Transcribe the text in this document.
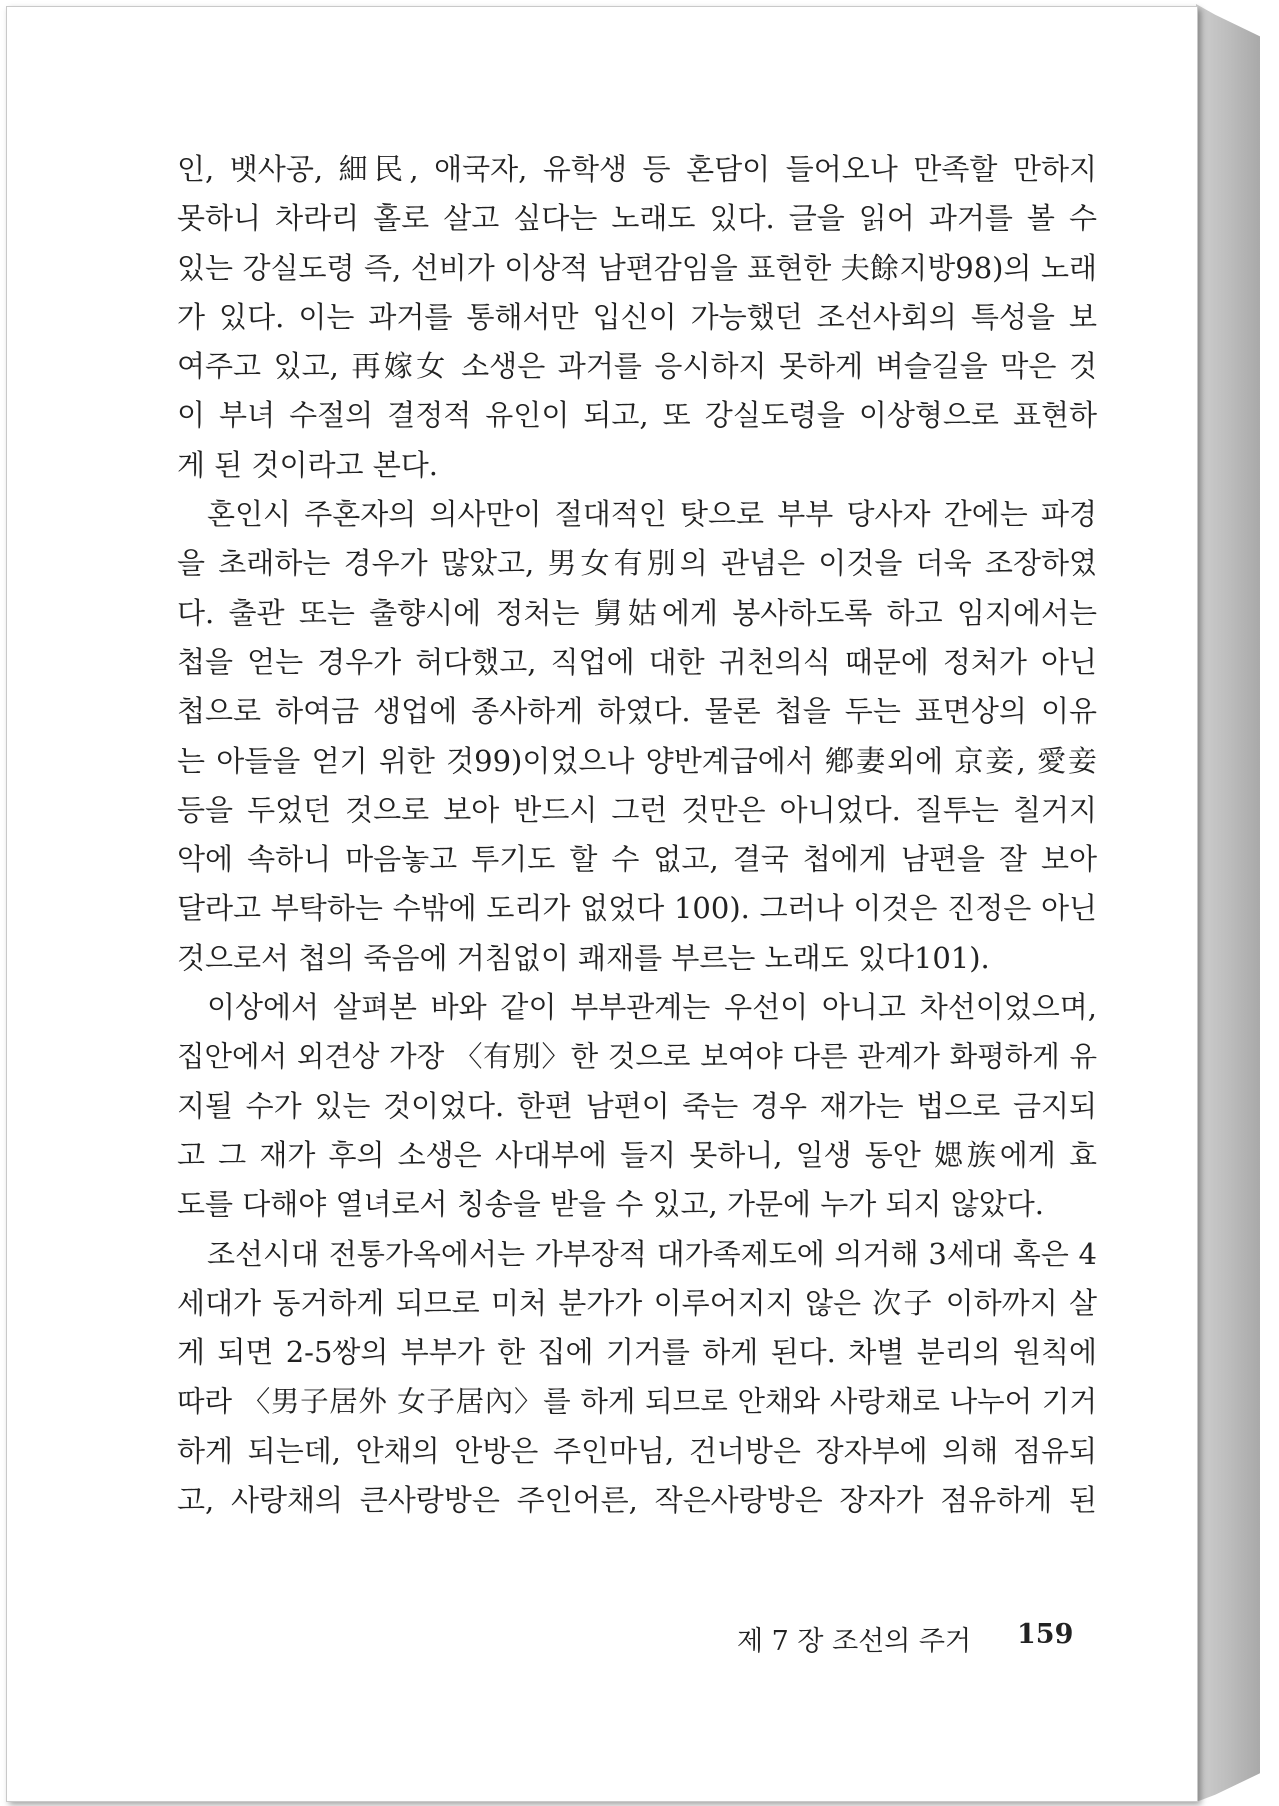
인, 뱃사공, 細民, 애국자, 유학생 등 혼담이 들어오나 만족할 만하지
못하니 차라리 홀로 살고 싶다는 노래도 있다. 글을 읽어 과거를 볼 수
있는 강실도령 즉, 선비가 이상적 남편감임을 표현한 夫餘지방98)의 노래
가 있다. 이는 과거를 통해서만 입신이 가능했던 조선사회의 특성을 보
여주고 있고, 再嫁女 소생은 과거를 응시하지 못하게 벼슬길을 막은 것
이 부녀 수절의 결정적 유인이 되고, 또 강실도령을 이상형으로 표현하
게 된 것이라고 본다.
혼인시 주혼자의 의사만이 절대적인 탓으로 부부 당사자 간에는 파경
을 초래하는 경우가 많았고, 男女有別의 관념은 이것을 더욱 조장하였
다. 출관 또는 출향시에 정처는 舅姑에게 봉사하도록 하고 임지에서는
첩을 얻는 경우가 허다했고, 직업에 대한 귀천의식 때문에 정처가 아닌
첩으로 하여금 생업에 종사하게 하였다. 물론 첩을 두는 표면상의 이유
는 아들을 얻기 위한 것99)이었으나 양반계급에서 鄕妻외에 京妾, 愛妾
등을 두었던 것으로 보아 반드시 그런 것만은 아니었다. 질투는 칠거지
악에 속하니 마음놓고 투기도 할 수 없고, 결국 첩에게 남편을 잘 보아
달라고 부탁하는 수밖에 도리가 없었다 100). 그러나 이것은 진정은 아닌
것으로서 첩의 죽음에 거침없이 쾌재를 부르는 노래도 있다101).
이상에서 살펴본 바와 같이 부부관계는 우선이 아니고 차선이었으며,
집안에서 외견상 가장 〈有別〉한 것으로 보여야 다른 관계가 화평하게 유
지될 수가 있는 것이었다. 한편 남편이 죽는 경우 재가는 법으로 금지되
고 그 재가 후의 소생은 사대부에 들지 못하니, 일생 동안 媤族에게 효
도를 다해야 열녀로서 칭송을 받을 수 있고, 가문에 누가 되지 않았다.
조선시대 전통가옥에서는 가부장적 대가족제도에 의거해 3세대 혹은 4
세대가 동거하게 되므로 미처 분가가 이루어지지 않은 次子 이하까지 살
게 되면 2-5쌍의 부부가 한 집에 기거를 하게 된다. 차별 분리의 원칙에
따라 〈男子居外 女子居內〉를 하게 되므로 안채와 사랑채로 나누어 기거
하게 되는데, 안채의 안방은 주인마님, 건너방은 장자부에 의해 점유되
고, 사랑채의 큰사랑방은 주인어른, 작은사랑방은 장자가 점유하게 된
제 7 장 조선의 주거 159
